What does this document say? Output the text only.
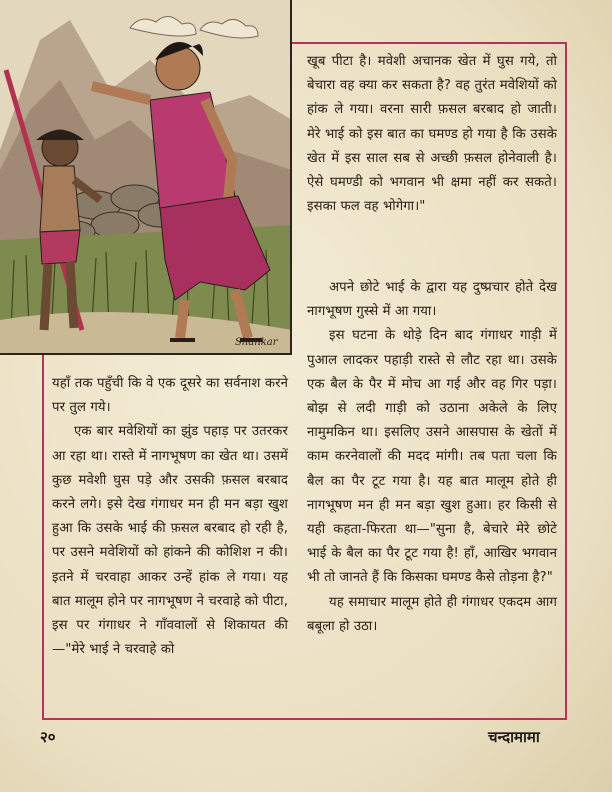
Shankar

खूब पीटा है। मवेशी अचानक खेत में घुस गये, तो बेचारा वह क्या कर सकता है? वह तुरंत मवेशियों को हांक ले गया। वरना सारी फ़सल बरबाद हो जाती। मेरे भाई को इस बात का घमण्ड हो गया है कि उसके खेत में इस साल सब से अच्छी फ़सल होनेवाली है। ऐसे घमण्डी को भगवान भी क्षमा नहीं कर सकते। इसका फल वह भोगेगा।"

अपने छोटे भाई के द्वारा यह दुष्प्रचार होते देख नागभूषण गुस्से में आ गया।

इस घटना के थोड़े दिन बाद गंगाधर गाड़ी में पुआल लादकर पहाड़ी रास्ते से लौट रहा था। उसके एक बैल के पैर में मोच आ गई और वह गिर पड़ा। बोझ से लदी गाड़ी को उठाना अकेले के लिए नामुमकिन था। इसलिए उसने आसपास के खेतों में काम करनेवालों की मदद मांगी। तब पता चला कि बैल का पैर टूट गया है। यह बात मालूम होते ही नागभूषण मन ही मन बड़ा खुश हुआ। हर किसी से यही कहता-फिरता था—"सुना है, बेचारे मेरे छोटे भाई के बैल का पैर टूट गया है! हाँ, आखिर भगवान भी तो जानते हैं कि किसका घमण्ड कैसे तोड़ना है?"

यह समाचार मालूम होते ही गंगाधर एकदम आग बबूला हो उठा।

यहाँ तक पहुँची कि वे एक दूसरे का सर्वनाश करने पर तुल गये।

एक बार मवेशियों का झुंड पहाड़ पर उतरकर आ रहा था। रास्ते में नागभूषण का खेत था। उसमें कुछ मवेशी घुस पड़े और उसकी फ़सल बरबाद करने लगे। इसे देख गंगाधर मन ही मन बड़ा खुश हुआ कि उसके भाई की फ़सल बरबाद हो रही है, पर उसने मवेशियों को हांकने की कोशिश न की। इतने में चरवाहा आकर उन्हें हांक ले गया। यह बात मालूम होने पर नागभूषण ने चरवाहे को पीटा, इस पर गंगाधर ने गाँववालों से शिकायत की—"मेरे भाई ने चरवाहे को

२०	चन्दामामा
